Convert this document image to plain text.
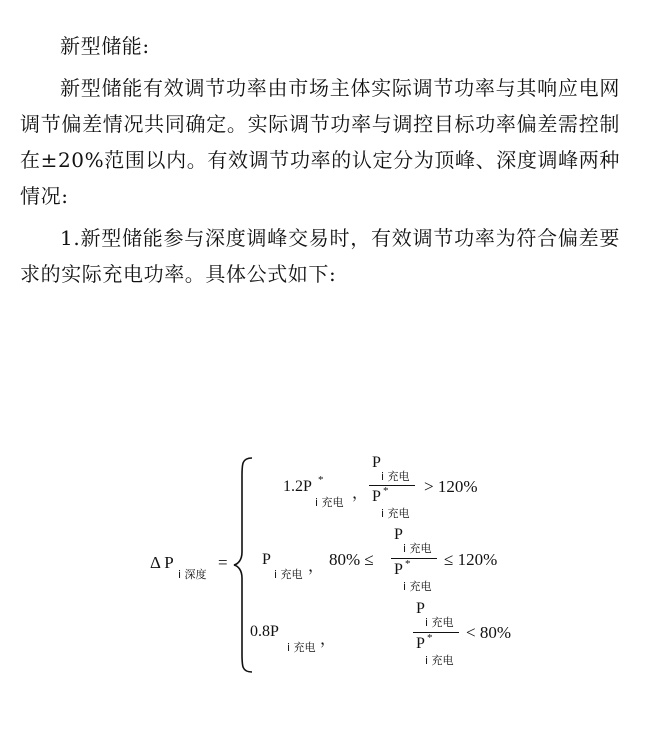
新型储能:

新型储能有效调节功率由市场主体实际调节功率与其响应电网调节偏差情况共同确定。实际调节功率与调控目标功率偏差需控制在±20%范围以内。有效调节功率的认定分为顶峰、深度调峰两种情况:

1.新型储能参与深度调峰交易时，有效调节功率为符合偏差要求的实际充电功率。具体公式如下:

Δ P
i 深度
=
1.2P *
i 充电
，
P
i 充电
P *
i 充电
> 120%
P
i 充电 ， 80% ≤
P
i 充电
P *
i 充电
≤ 120%
0.8P
i 充电 ，
P
i 充电
P *
i 充电
< 80%
